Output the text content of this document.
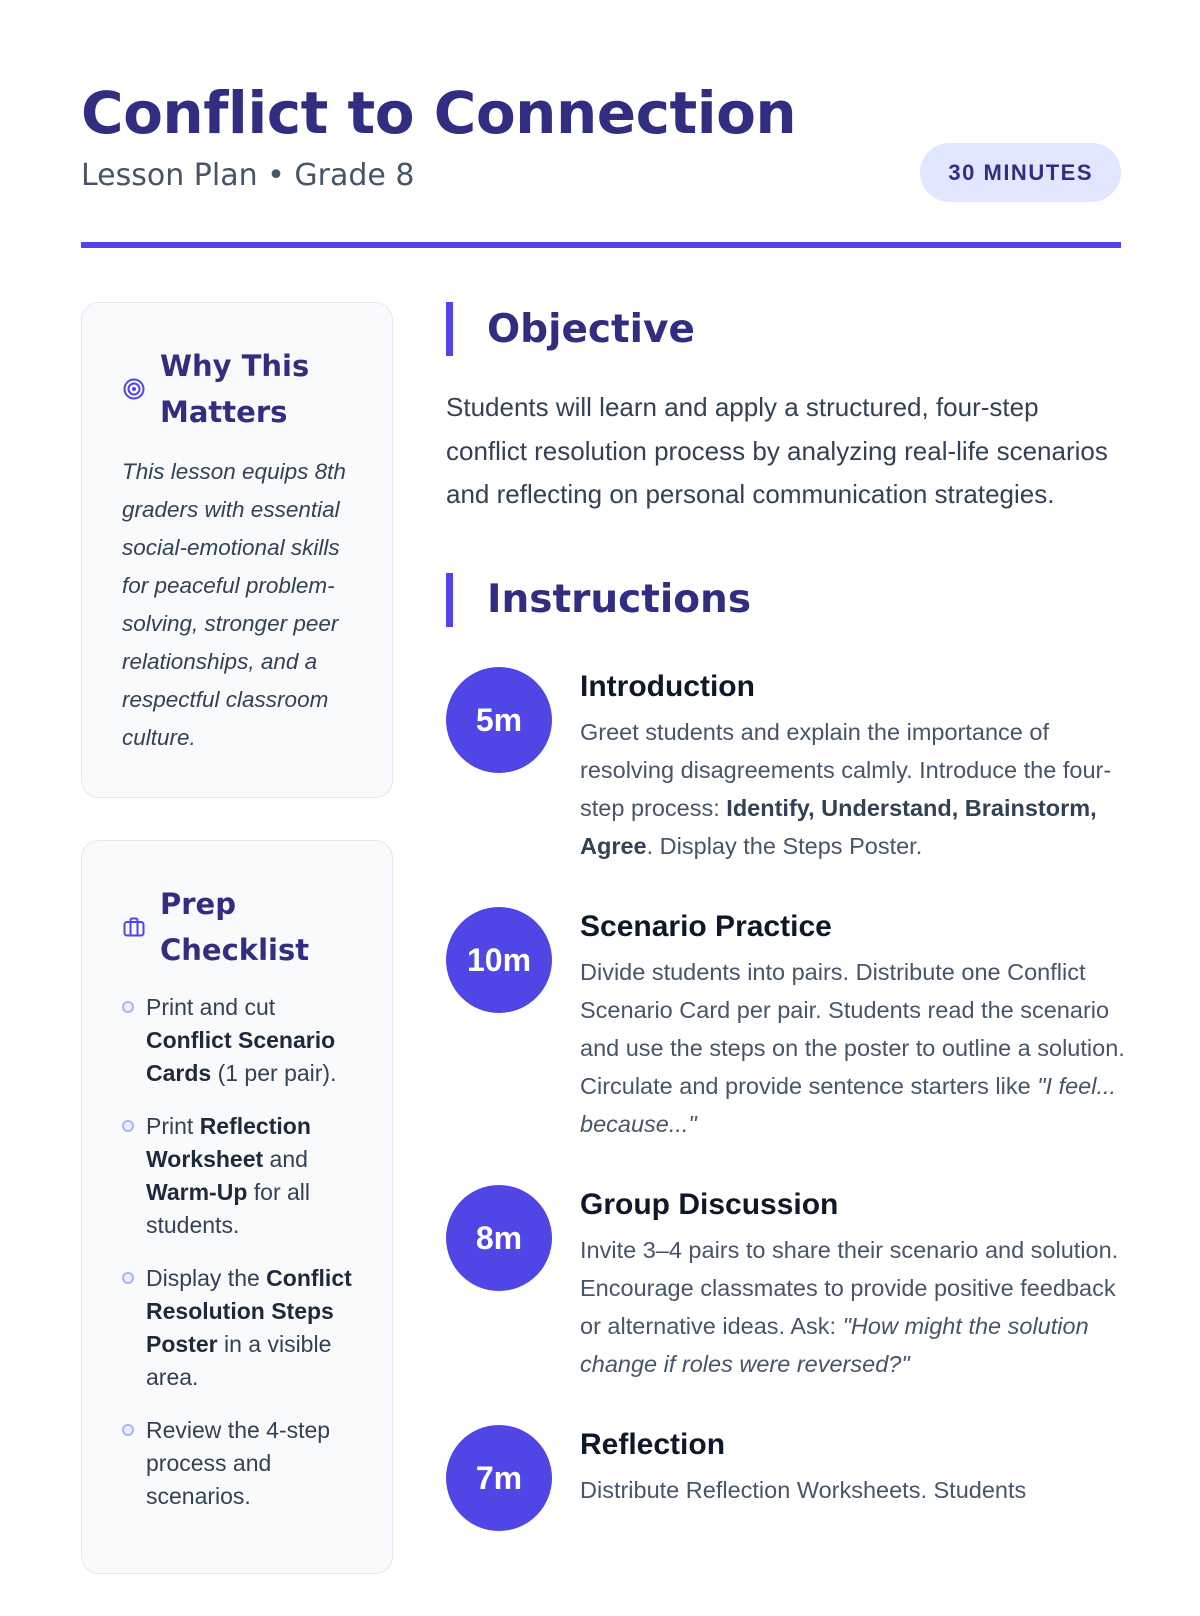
Conflict to Connection
Lesson Plan • Grade 8	30 MINUTES
Why This Matters
This lesson equips 8th graders with essential social-emotional skills for peaceful problem-solving, stronger peer relationships, and a respectful classroom culture.
Prep Checklist
Print and cut Conflict Scenario Cards (1 per pair).
Print Reflection Worksheet and Warm-Up for all students.
Display the Conflict Resolution Steps Poster in a visible area.
Review the 4-step process and scenarios.
Objective

Students will learn and apply a structured, four-step conflict resolution process by analyzing real-life scenarios and reflecting on personal communication strategies.

Instructions
5m
Introduction
Greet students and explain the importance of resolving disagreements calmly. Introduce the four-step process: Identify, Understand, Brainstorm, Agree. Display the Steps Poster.
10m
Scenario Practice
Divide students into pairs. Distribute one Conflict Scenario Card per pair. Students read the scenario and use the steps on the poster to outline a solution. Circulate and provide sentence starters like "I feel... because..."
8m
Group Discussion
Invite 3–4 pairs to share their scenario and solution. Encourage classmates to provide positive feedback or alternative ideas. Ask: "How might the solution change if roles were reversed?"
7m
Reflection
Distribute Reflection Worksheets. Students
